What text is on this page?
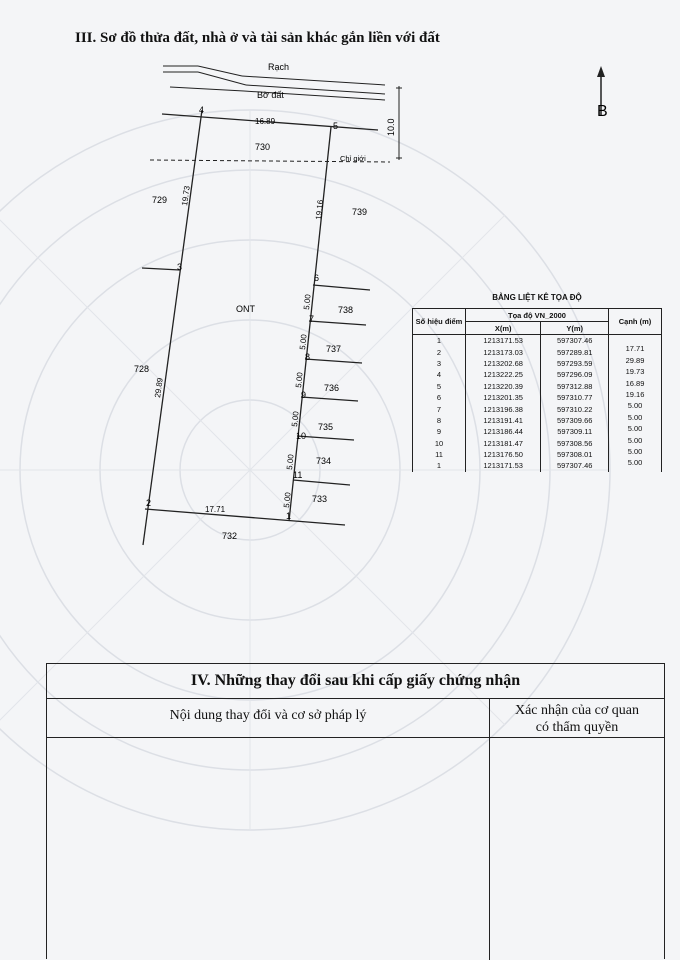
III. Sơ đồ thửa đất, nhà ở và tài sản khác gắn liền với đất
B
Rạch
Bờ đất
Chỉ giới
10.0
ONT
730
729
739
738
737
736
735
734
733
728
732
1
2
3
4
5
6
7
8
9
10
11
16.89
19.73
19.16
29.89
17.71
5.00
5.00
5.00
5.00
5.00
5.00
BẢNG LIỆT KÊ TỌA ĐỘ
Số hiệu điểm	Tọa độ VN_2000		Cạnh (m)
	X(m)	Y(m)	
1	1213171.53	597307.46	17.71
2	1213173.03	597289.81	29.89
3	1213202.68	597293.59	19.73
4	1213222.25	597296.09	16.89
5	1213220.39	597312.88	19.16
6	1213201.35	597310.77	5.00
7	1213196.38	597310.22	5.00
8	1213191.41	597309.66	5.00
9	1213186.44	597309.11	5.00
10	1213181.47	597308.56	5.00
11	1213176.50	597308.01	5.00
1	1213171.53	597307.46	
IV. Những thay đổi sau khi cấp giấy chứng nhận
Nội dung thay đổi và cơ sở pháp lý	Xác nhận của cơ quan
có thẩm quyền
